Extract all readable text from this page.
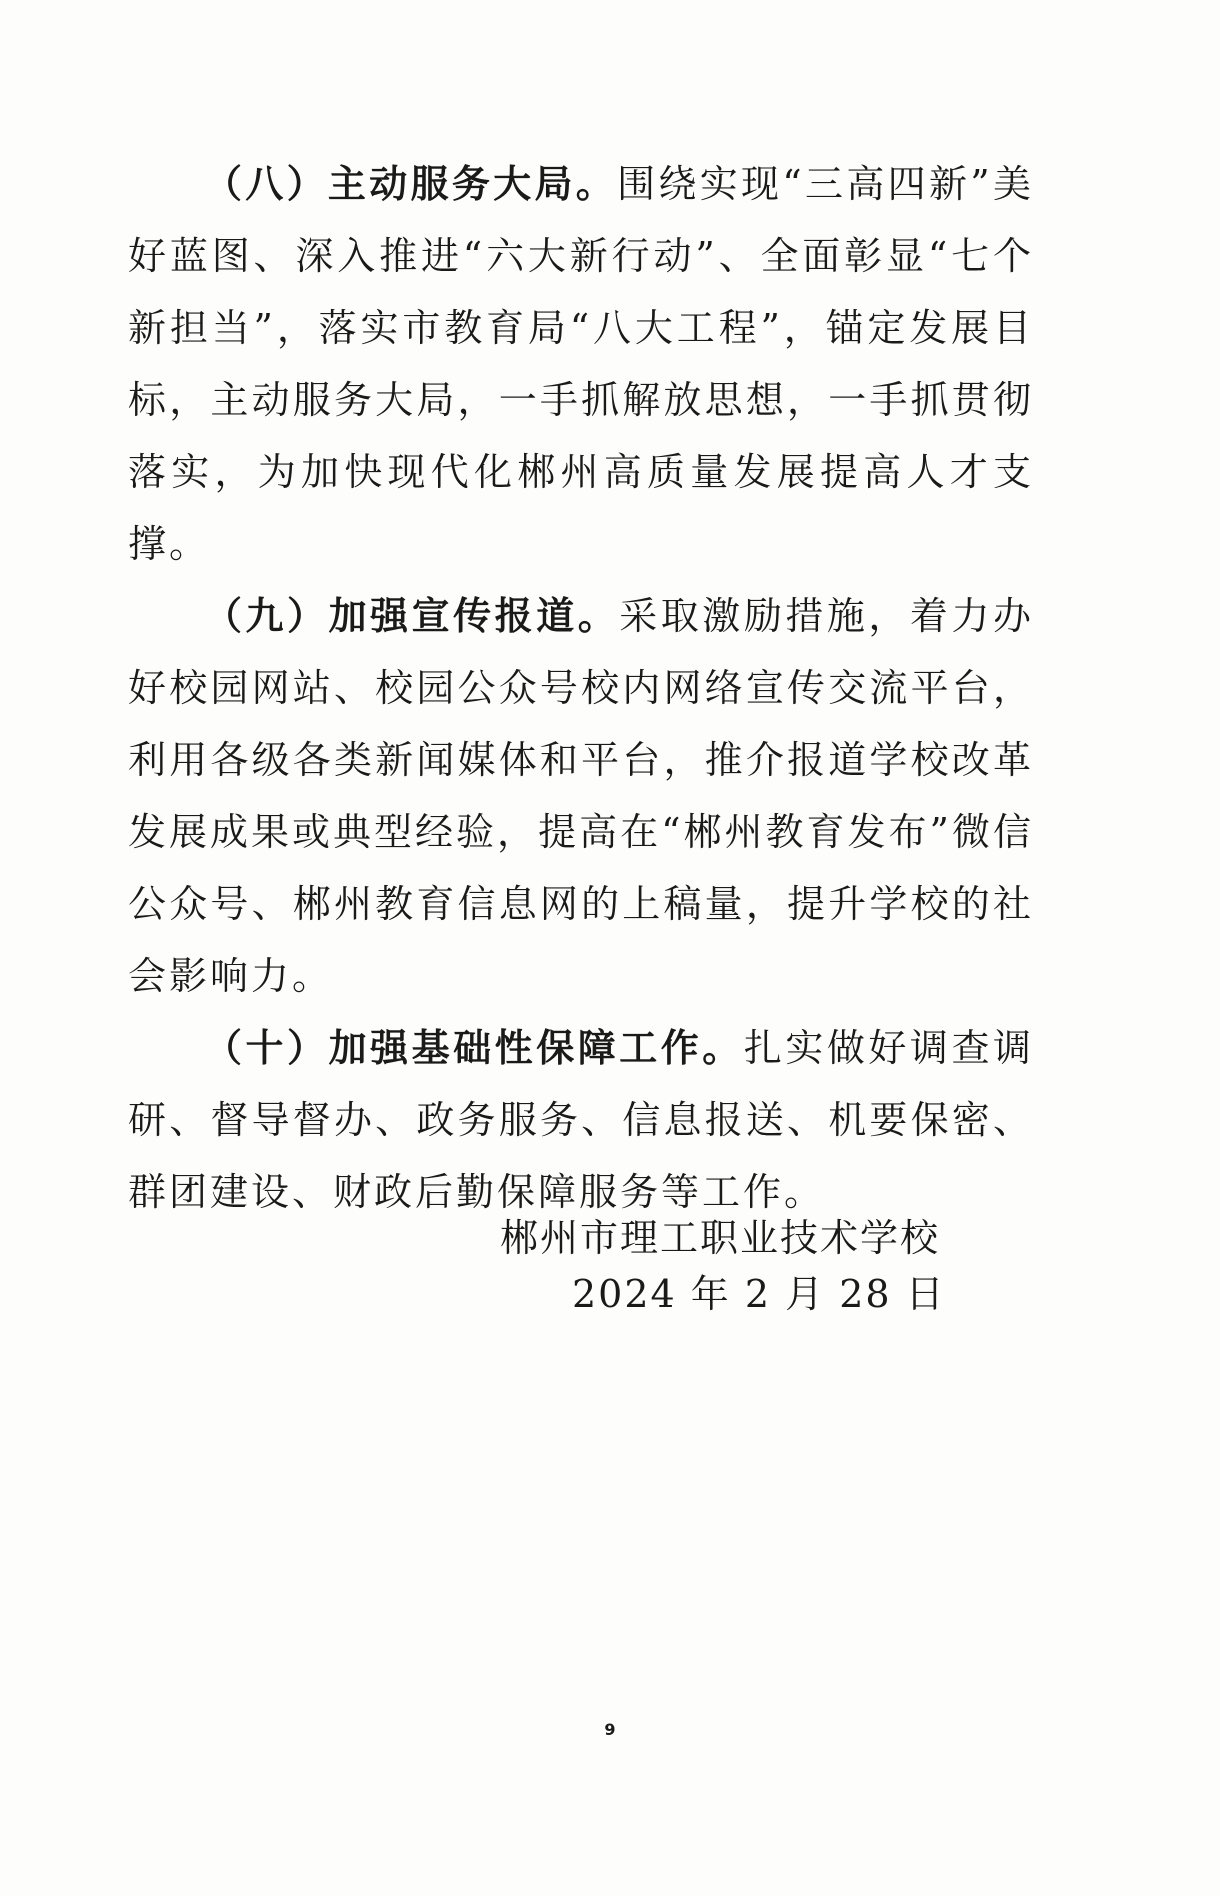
（八）主动服务大局。围绕实现“三高四新”美好蓝图、深入推进“六大新行动”、全面彰显“七个新担当”，落实市教育局“八大工程”，锚定发展目标，主动服务大局，一手抓解放思想，一手抓贯彻落实，为加快现代化郴州高质量发展提高人才支撑。

（九）加强宣传报道。采取激励措施，着力办好校园网站、校园公众号校内网络宣传交流平台，利用各级各类新闻媒体和平台，推介报道学校改革发展成果或典型经验，提高在“郴州教育发布”微信公众号、郴州教育信息网的上稿量，提升学校的社会影响力。

（十）加强基础性保障工作。扎实做好调查调研、督导督办、政务服务、信息报送、机要保密、群团建设、财政后勤保障服务等工作。

郴州市理工职业技术学校
2024 年 2 月 28 日
9
